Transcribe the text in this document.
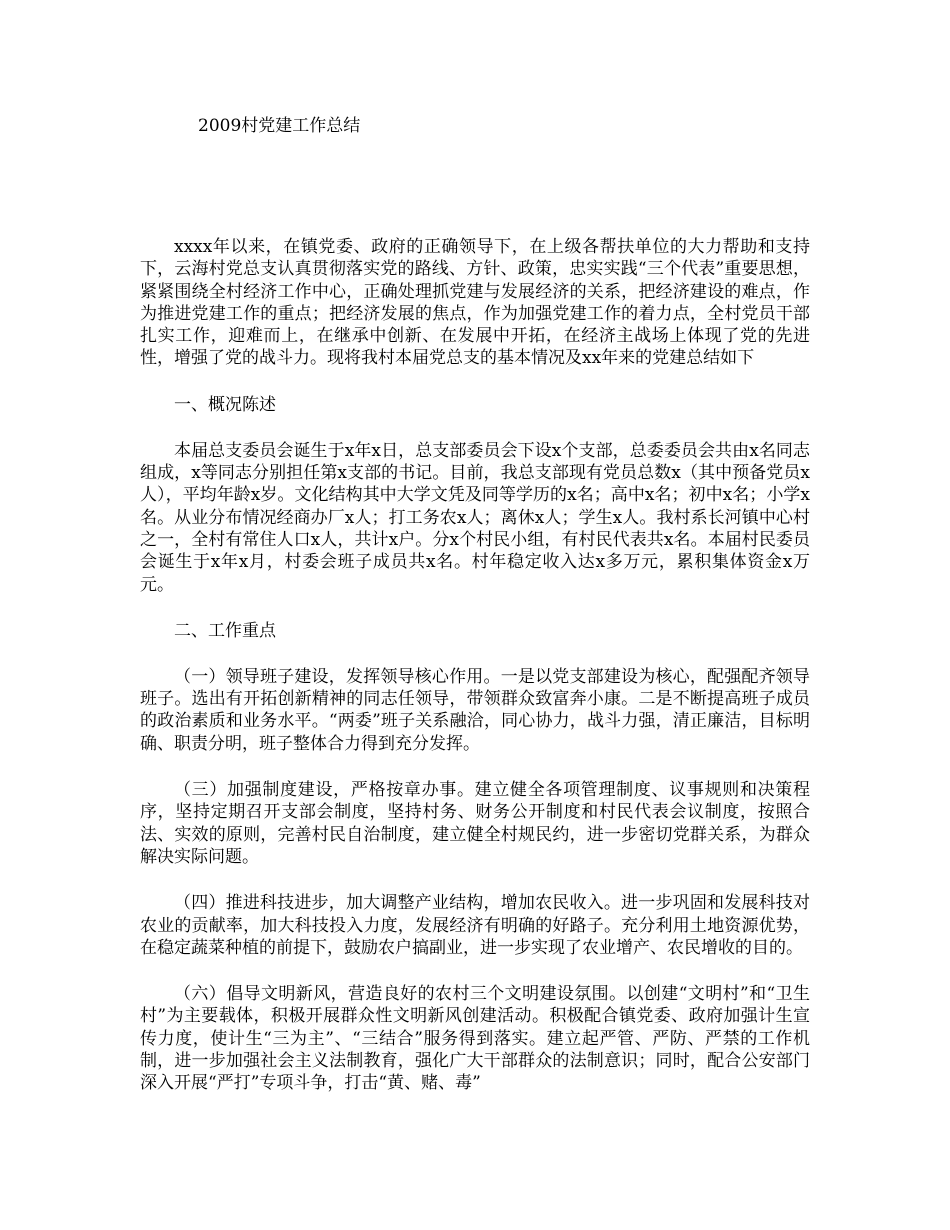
2009村党建工作总结

xxxx年以来，在镇党委、政府的正确领导下，在上级各帮扶单位的大力帮助和支持下，云海村党总支认真贯彻落实党的路线、方针、政策，忠实实践“三个代表”重要思想，紧紧围绕全村经济工作中心，正确处理抓党建与发展经济的关系，把经济建设的难点，作为推进党建工作的重点；把经济发展的焦点，作为加强党建工作的着力点，全村党员干部扎实工作，迎难而上，在继承中创新、在发展中开拓，在经济主战场上体现了党的先进性，增强了党的战斗力。现将我村本届党总支的基本情况及xx年来的党建总结如下

一、概况陈述

本届总支委员会诞生于x年x日，总支部委员会下设x个支部，总委委员会共由x名同志组成，x等同志分别担任第x支部的书记。目前，我总支部现有党员总数x（其中预备党员x人），平均年龄x岁。文化结构其中大学文凭及同等学历的x名；高中x名；初中x名；小学x名。从业分布情况经商办厂x人；打工务农x人；离休x人；学生x人。我村系长河镇中心村之一，全村有常住人口x人，共计x户。分x个村民小组，有村民代表共x名。本届村民委员会诞生于x年x月，村委会班子成员共x名。村年稳定收入达x多万元，累积集体资金x万元。

二、工作重点

（一）领导班子建设，发挥领导核心作用。一是以党支部建设为核心，配强配齐领导班子。选出有开拓创新精神的同志任领导，带领群众致富奔小康。二是不断提高班子成员的政治素质和业务水平。“两委”班子关系融洽，同心协力，战斗力强，清正廉洁，目标明确、职责分明，班子整体合力得到充分发挥。

（三）加强制度建设，严格按章办事。建立健全各项管理制度、议事规则和决策程序，坚持定期召开支部会制度，坚持村务、财务公开制度和村民代表会议制度，按照合法、实效的原则，完善村民自治制度，建立健全村规民约，进一步密切党群关系，为群众解决实际问题。

（四）推进科技进步，加大调整产业结构，增加农民收入。进一步巩固和发展科技对农业的贡献率，加大科技投入力度，发展经济有明确的好路子。充分利用土地资源优势，在稳定蔬菜种植的前提下，鼓励农户搞副业，进一步实现了农业增产、农民增收的目的。

（六）倡导文明新风，营造良好的农村三个文明建设氛围。以创建“文明村”和“卫生村”为主要载体，积极开展群众性文明新风创建活动。积极配合镇党委、政府加强计生宣传力度，使计生“三为主”、“三结合”服务得到落实。建立起严管、严防、严禁的工作机制，进一步加强社会主义法制教育，强化广大干部群众的法制意识；同时，配合公安部门深入开展“严打”专项斗争，打击“黄、赌、毒”
